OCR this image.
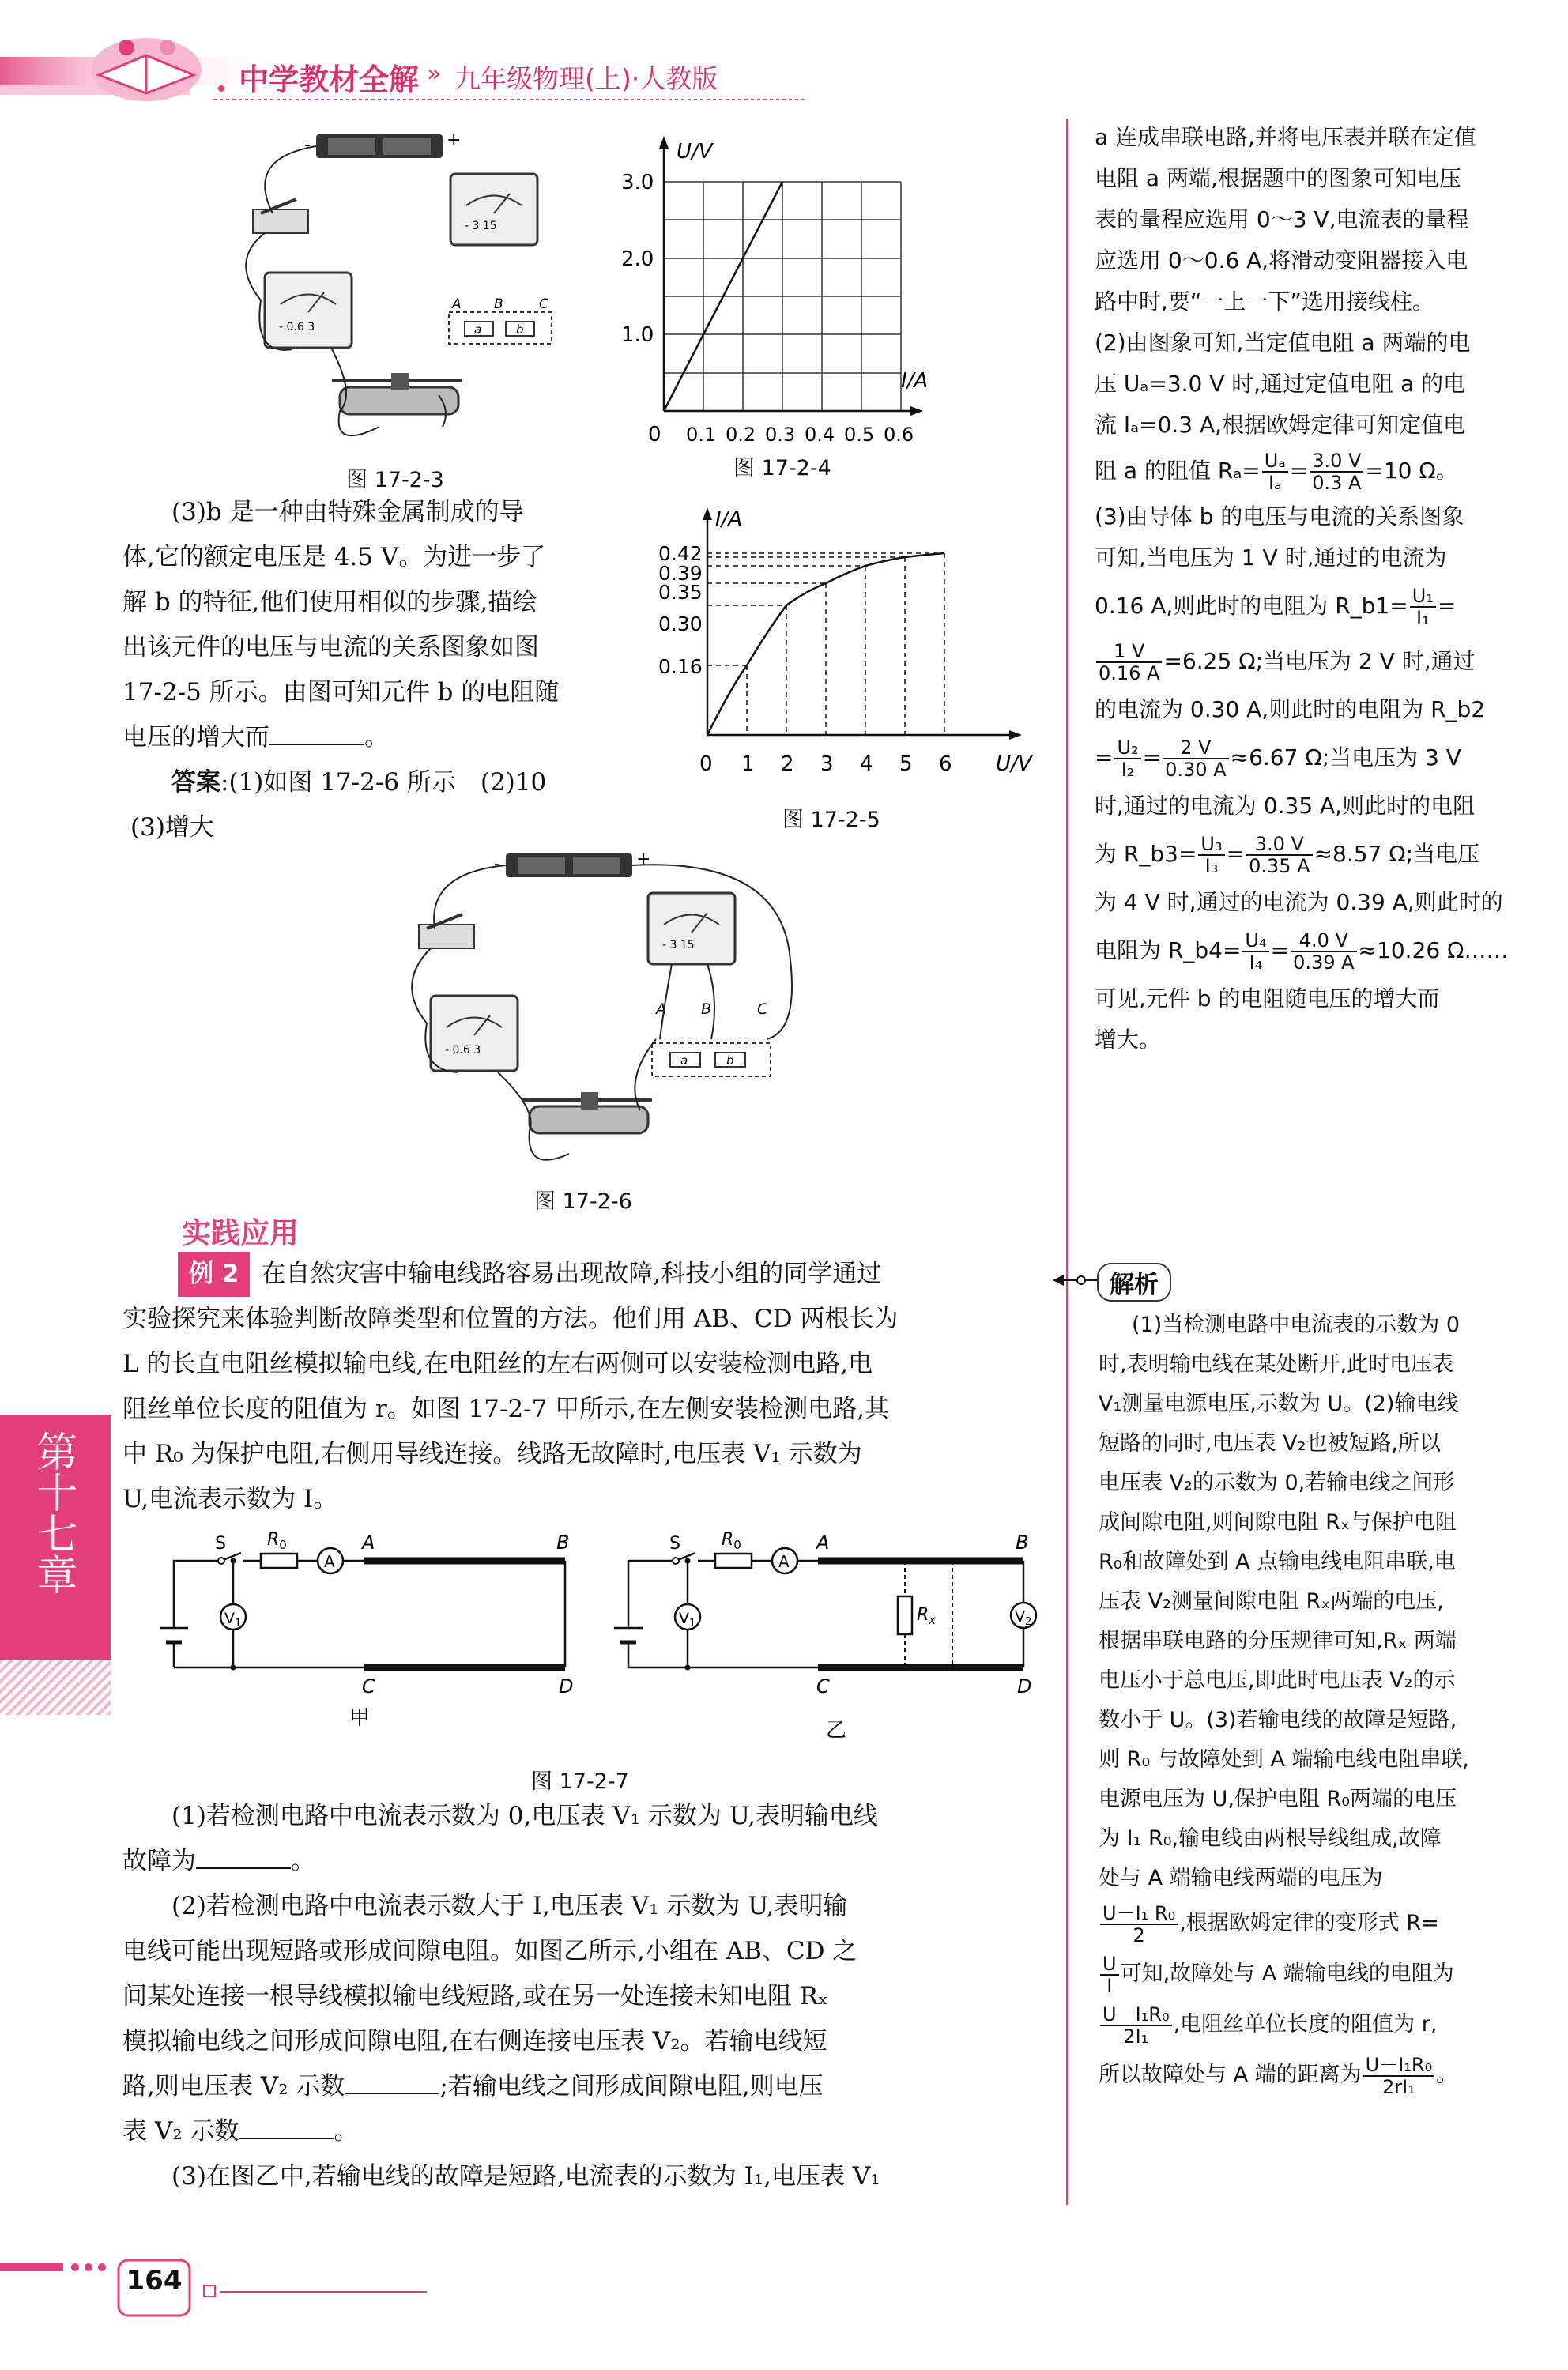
中学教材全解 » 九年级物理(上)·人教版
第十七章
-	+
- 3 15
- 0.6 3	a	b
A B	C
图 17-2-3
U/V
I/A
0
3.0
2.0
1.0
0.1 0.2 0.3 0.4 0.5 0.6
图 17-2-4

(3)b 是一种由特殊金属制成的导

体,它的额定电压是 4.5 V。为进一步了

解 b 的特征,他们使用相似的步骤,描绘

出该元件的电压与电流的关系图象如图

17-2-5 所示。由图可知元件 b 的电阻随

电压的增大而	。

答案:(1)如图 17-2-6 所示　(2)10

(3)增大

I/A
U/V
0
0.42
0.39
0.35
0.30
0.16
1 2 3 4 5 6
图 17-2-5
-	+
- 3 15
- 0.6 3
a	b
A B	C
图 17-2-6
实践应用

例 2 在自然灾害中输电线路容易出现故障,科技小组的同学通过

实验探究来体验判断故障类型和位置的方法。他们用 AB、CD 两根长为

L 的长直电阻丝模拟输电线,在电阻丝的左右两侧可以安装检测电路,电

阻丝单位长度的阻值为 r。如图 17-2-7 甲所示,在左侧安装检测电路,其

中 R₀ 为保护电阻,右侧用导线连接。线路无故障时,电压表 V₁ 示数为

U,电流表示数为 I。

S $R_0$
A
$V_1$
A	B
C	D
甲
S $R_0$
A
$V_1$	$R_x$	$V_2$
A	B
C	D
乙
图 17-2-7

(1)若检测电路中电流表示数为 0,电压表 V₁ 示数为 U,表明输电线

故障为	。

(2)若检测电路中电流表示数大于 I,电压表 V₁ 示数为 U,表明输

电线可能出现短路或形成间隙电阻。如图乙所示,小组在 AB、CD 之

间某处连接一根导线模拟输电线短路,或在另一处连接未知电阻 Rₓ

模拟输电线之间形成间隙电阻,在右侧连接电压表 V₂。若输电线短

路,则电压表 V₂ 示数	;若输电线之间形成间隙电阻,则电压

表 V₂ 示数	。

(3)在图乙中,若输电线的故障是短路,电流表的示数为 I₁,电压表 V₁

a 连成串联电路,并将电压表并联在定值

电阻 a 两端,根据题中的图象可知电压

表的量程应选用 0～3 V,电流表的量程

应选用 0～0.6 A,将滑动变阻器接入电

路中时,要“一上一下”选用接线柱。

(2)由图象可知,当定值电阻 a 两端的电

压 Uₐ=3.0 V 时,通过定值电阻 a 的电

流 Iₐ=0.3 A,根据欧姆定律可知定值电

阻 a 的阻值 $R_a= \frac{\text{Uₐ}}{\text{Iₐ}} = \frac{3.0 V}{0.3 A} =10$ Ω。

(3)由导体 b 的电压与电流的关系图象

可知,当电压为 1 V 时,通过的电流为

0.16 A,则此时的电阻为 R_b1= $\frac{\text{U₁}}{\text{I₁}}$ =

$\frac{1 V}{0.16 A} =6.25$ Ω;当电压为 2 V 时,通过

的电流为 0.30 A,则此时的电阻为 R_b2

= $\frac{\text{U₂}}{\text{I₂}} = \frac{2 V}{0.30 A} \approx 6.67$ Ω;当电压为 3 V

时,通过的电流为 0.35 A,则此时的电阻

为 R_b3= $\frac{\text{U₃}}{\text{I₃}} = \frac{3.0 V}{0.35 A} \approx 8.57$ Ω;当电压

为 4 V 时,通过的电流为 0.39 A,则此时的

电阻为 R_b4= $\frac{\text{U₄}}{\text{I₄}} = \frac{4.0 V}{0.39 A} \approx 10.26$ Ω……

可见,元件 b 的电阻随电压的增大而

增大。

解析

(1)当检测电路中电流表的示数为 0

时,表明输电线在某处断开,此时电压表

V₁测量电源电压,示数为 U。(2)输电线

短路的同时,电压表 V₂也被短路,所以

电压表 V₂的示数为 0,若输电线之间形

成间隙电阻,则间隙电阻 Rₓ与保护电阻

R₀和故障处到 A 点输电线电阻串联,电

压表 V₂测量间隙电阻 Rₓ两端的电压,

根据串联电路的分压规律可知,Rₓ 两端

电压小于总电压,即此时电压表 V₂的示

数小于 U。(3)若输电线的故障是短路,

则 R₀ 与故障处到 A 端输电线电阻串联,

电源电压为 U,保护电阻 R₀两端的电压

为 I₁ R₀,输电线由两根导线组成,故障

处与 A 端输电线两端的电压为

$\frac{\text{U－I₁ R₀}}{2}$ ,根据欧姆定律的变形式 R=

$\frac{U}{I}$ 可知,故障处与 A 端输电线的电阻为

$\frac{\text{U－I₁R₀}}{\text{2I₁}}$ ,电阻丝单位长度的阻值为 r,

所以故障处与 A 端的距离为 $\frac{\text{U－I₁R₀}}{\text{2rI₁}}$ 。

164
